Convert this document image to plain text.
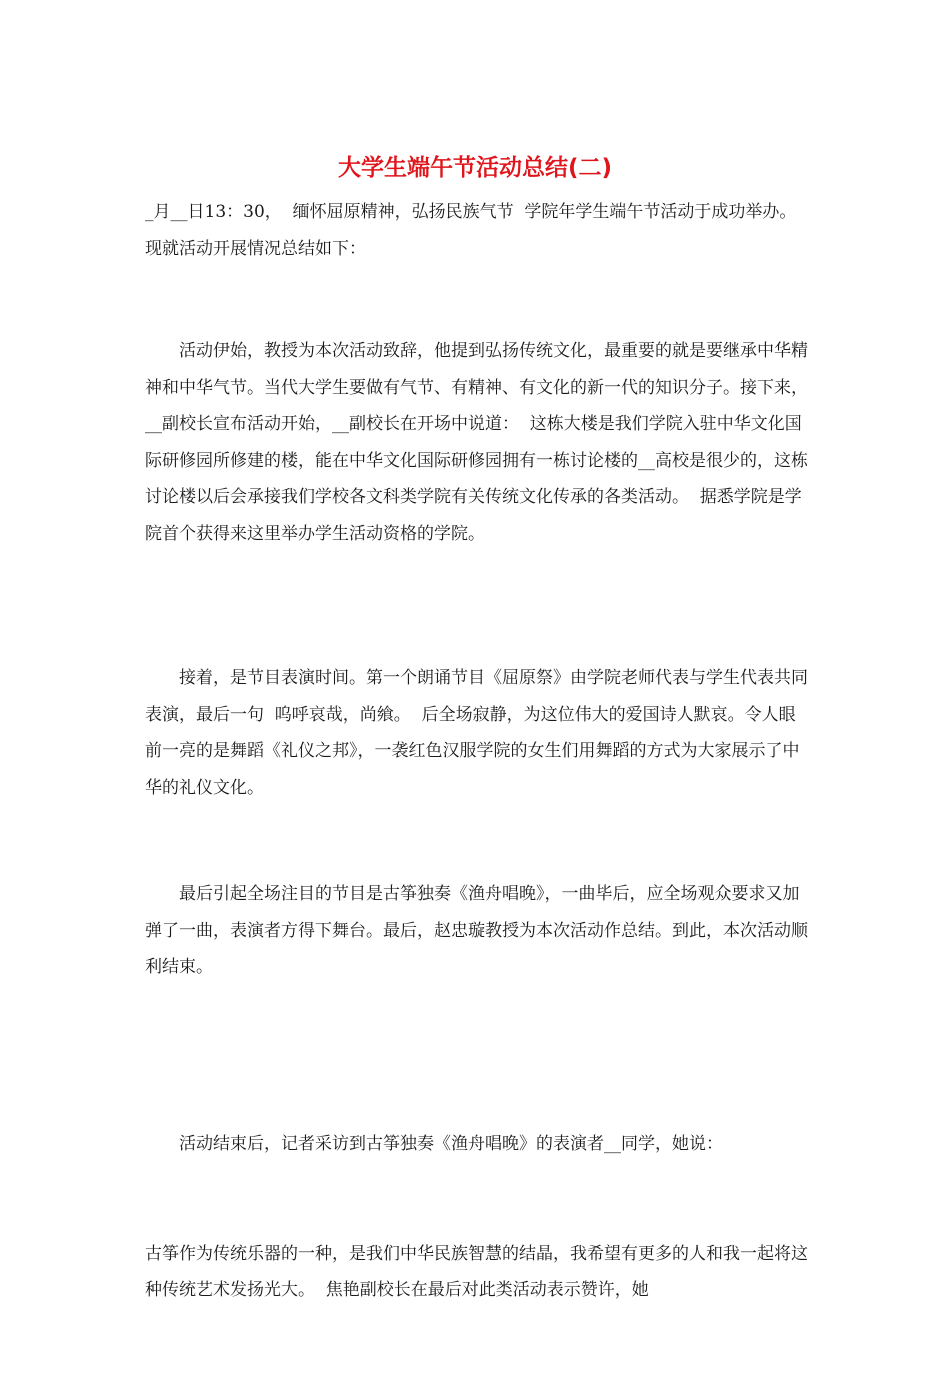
大学生端午节活动总结(二)

_月__日13：30，  缅怀屈原精神，弘扬民族气节  学院年学生端午节活动于成功举办。现就活动开展情况总结如下：

活动伊始，教授为本次活动致辞，他提到弘扬传统文化，最重要的就是要继承中华精神和中华气节。当代大学生要做有气节、有精神、有文化的新一代的知识分子。接下来，__副校长宣布活动开始，__副校长在开场中说道：  这栋大楼是我们学院入驻中华文化国际研修园所修建的楼，能在中华文化国际研修园拥有一栋讨论楼的__高校是很少的，这栋讨论楼以后会承接我们学校各文科类学院有关传统文化传承的各类活动。  据悉学院是学院首个获得来这里举办学生活动资格的学院。

接着，是节目表演时间。第一个朗诵节目《屈原祭》由学院老师代表与学生代表共同表演，最后一句  呜呼哀哉，尚飨。  后全场寂静，为这位伟大的爱国诗人默哀。令人眼前一亮的是舞蹈《礼仪之邦》，一袭红色汉服学院的女生们用舞蹈的方式为大家展示了中华的礼仪文化。

最后引起全场注目的节目是古筝独奏《渔舟唱晚》，一曲毕后，应全场观众要求又加弹了一曲，表演者方得下舞台。最后，赵忠璇教授为本次活动作总结。到此，本次活动顺利结束。

活动结束后，记者采访到古筝独奏《渔舟唱晚》的表演者__同学，她说：

古筝作为传统乐器的一种，是我们中华民族智慧的结晶，我希望有更多的人和我一起将这种传统艺术发扬光大。  焦艳副校长在最后对此类活动表示赞许，她
